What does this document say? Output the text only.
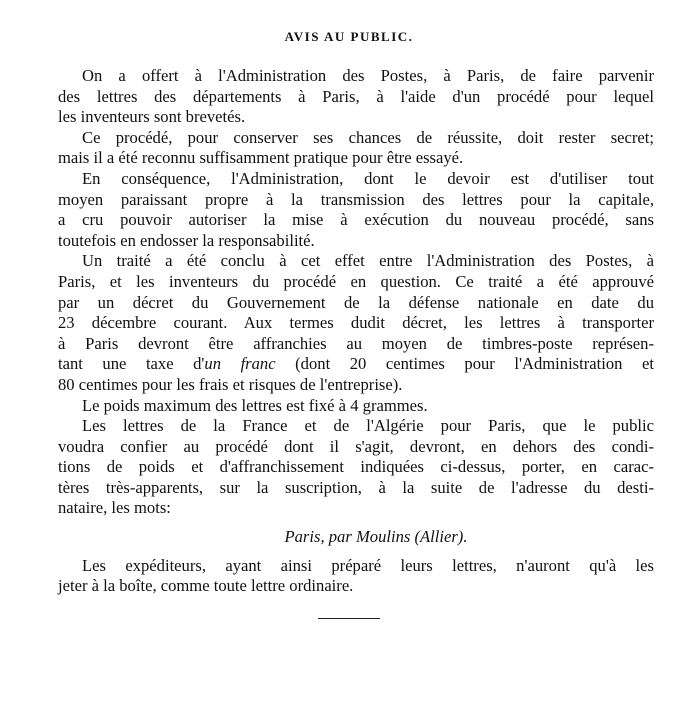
AVIS AU PUBLIC.
On a offert à l'Administration des Postes, à Paris, de faire parvenir
des lettres des départements à Paris, à l'aide d'un procédé pour lequel
les inventeurs sont brevetés.
Ce procédé, pour conserver ses chances de réussite, doit rester secret;
mais il a été reconnu suffisamment pratique pour être essayé.
En conséquence, l'Administration, dont le devoir est d'utiliser tout
moyen paraissant propre à la transmission des lettres pour la capitale,
a cru pouvoir autoriser la mise à exécution du nouveau procédé, sans
toutefois en endosser la responsabilité.
Un traité a été conclu à cet effet entre l'Administration des Postes, à
Paris, et les inventeurs du procédé en question. Ce traité a été approuvé
par un décret du Gouvernement de la défense nationale en date du
23 décembre courant. Aux termes dudit décret, les lettres à transporter
à Paris devront être affranchies au moyen de timbres-poste représen-
tant une taxe d'un franc (dont 20 centimes pour l'Administration et
80 centimes pour les frais et risques de l'entreprise).
Le poids maximum des lettres est fixé à 4 grammes.
Les lettres de la France et de l'Algérie pour Paris, que le public
voudra confier au procédé dont il s'agit, devront, en dehors des condi-
tions de poids et d'affranchissement indiquées ci-dessus, porter, en carac-
tères très-apparents, sur la suscription, à la suite de l'adresse du desti-
nataire, les mots:
Paris, par Moulins (Allier).
Les expéditeurs, ayant ainsi préparé leurs lettres, n'auront qu'à les
jeter à la boîte, comme toute lettre ordinaire.
